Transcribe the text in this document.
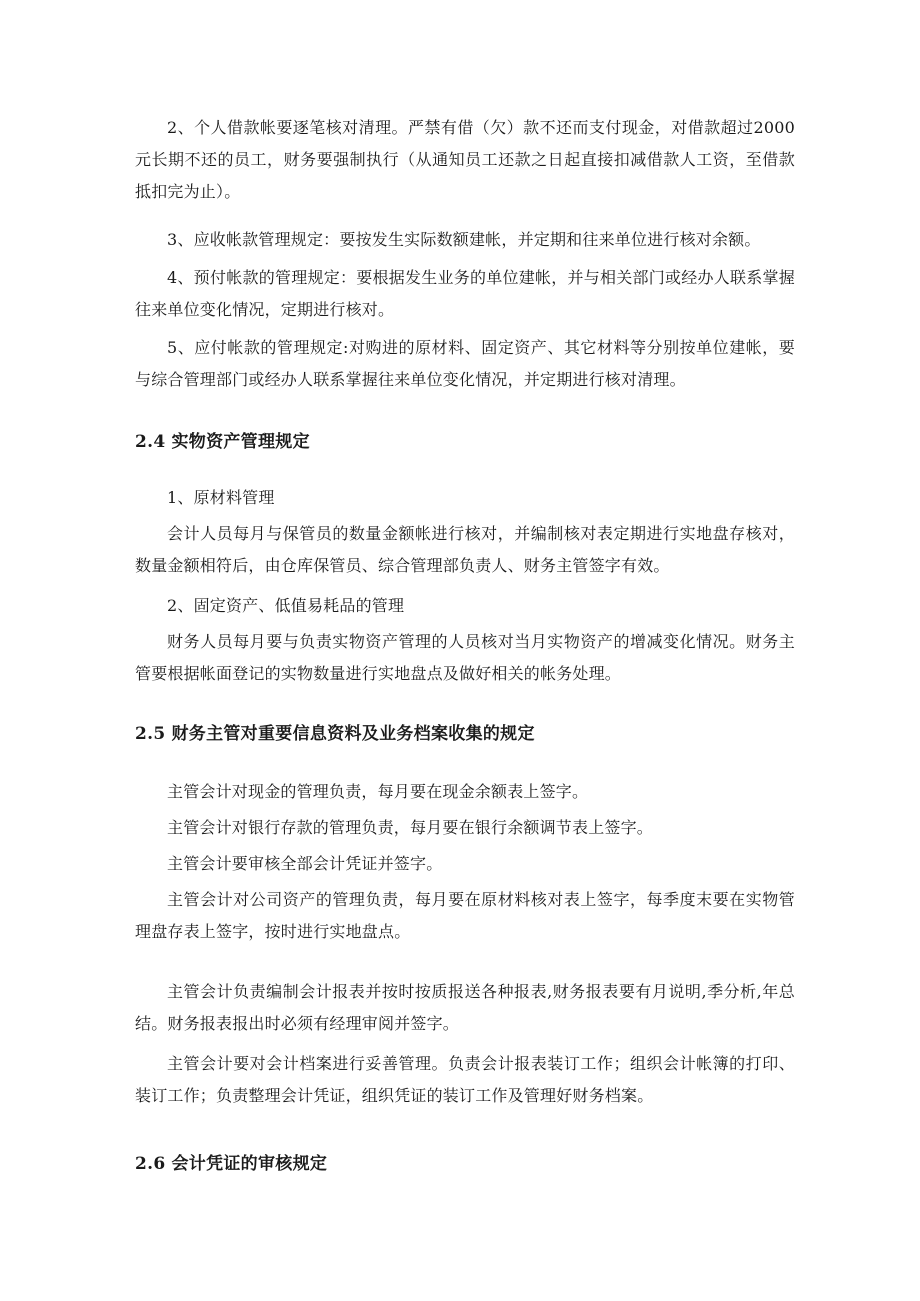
2、个人借款帐要逐笔核对清理。严禁有借（欠）款不还而支付现金，对借款超过2000元长期不还的员工，财务要强制执行（从通知员工还款之日起直接扣减借款人工资，至借款抵扣完为止）。

3、应收帐款管理规定：要按发生实际数额建帐，并定期和往来单位进行核对余额。

4、预付帐款的管理规定：要根据发生业务的单位建帐，并与相关部门或经办人联系掌握往来单位变化情况，定期进行核对。

5、应付帐款的管理规定:对购进的原材料、固定资产、其它材料等分别按单位建帐，要与综合管理部门或经办人联系掌握往来单位变化情况，并定期进行核对清理。

2.4 实物资产管理规定

1、原材料管理

会计人员每月与保管员的数量金额帐进行核对，并编制核对表定期进行实地盘存核对，数量金额相符后，由仓库保管员、综合管理部负责人、财务主管签字有效。

2、固定资产、低值易耗品的管理

财务人员每月要与负责实物资产管理的人员核对当月实物资产的增减变化情况。财务主管要根据帐面登记的实物数量进行实地盘点及做好相关的帐务处理。

2.5 财务主管对重要信息资料及业务档案收集的规定

主管会计对现金的管理负责，每月要在现金余额表上签字。

主管会计对银行存款的管理负责，每月要在银行余额调节表上签字。

主管会计要审核全部会计凭证并签字。

主管会计对公司资产的管理负责，每月要在原材料核对表上签字，每季度末要在实物管理盘存表上签字，按时进行实地盘点。

主管会计负责编制会计报表并按时按质报送各种报表,财务报表要有月说明,季分析,年总结。财务报表报出时必须有经理审阅并签字。

主管会计要对会计档案进行妥善管理。负责会计报表装订工作；组织会计帐簿的打印、装订工作；负责整理会计凭证，组织凭证的装订工作及管理好财务档案。

2.6 会计凭证的审核规定
